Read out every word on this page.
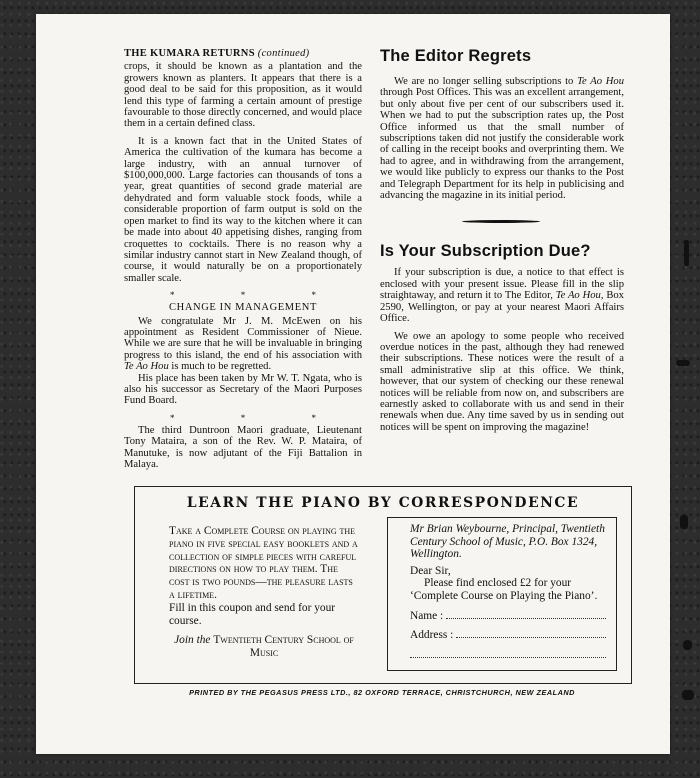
THE KUMARA RETURNS (continued)

crops, it should be known as a plantation and the growers known as planters. It appears that there is a good deal to be said for this proposition, as it would lend this type of farming a certain amount of prestige favourable to those directly concerned, and would place them in a certain defined class.

It is a known fact that in the United States of America the cultivation of the kumara has become a large industry, with an annual turnover of $100,000,000. Large factories can thousands of tons a year, great quantities of second grade material are dehydrated and form valuable stock foods, while a considerable proportion of farm output is sold on the open market to find its way to the kitchen where it can be made into about 40 appetising dishes, ranging from croquettes to cocktails. There is no reason why a similar industry cannot start in New Zealand though, of course, it would naturally be on a proportionately smaller scale.

* * *
CHANGE IN MANAGEMENT

We congratulate Mr J. M. McEwen on his appointment as Resident Commissioner of Nieue. While we are sure that he will be invaluable in bringing progress to this island, the end of his association with Te Ao Hou is much to be regretted.

His place has been taken by Mr W. T. Ngata, who is also his successor as Secretary of the Maori Purposes Fund Board.

* * *

The third Duntroon Maori graduate, Lieutenant Tony Mataira, a son of the Rev. W. P. Mataira, of Manutuke, is now adjutant of the Fiji Battalion in Malaya.

The Editor Regrets

We are no longer selling subscriptions to Te Ao Hou through Post Offices. This was an excellent arrangement, but only about five per cent of our subscribers used it. When we had to put the subscription rates up, the Post Office informed us that the small number of subscriptions taken did not justify the considerable work of calling in the receipt books and overprinting them. We had to agree, and in withdrawing from the arrangement, we would like publicly to express our thanks to the Post and Telegraph Department for its help in publicising and advancing the magazine in its initial period.

Is Your Subscription Due?

If your subscription is due, a notice to that effect is enclosed with your present issue. Please fill in the slip straightaway, and return it to The Editor, Te Ao Hou, Box 2590, Wellington, or pay at your nearest Maori Affairs Office.

We owe an apology to some people who received overdue notices in the past, although they had renewed their subscriptions. These notices were the result of a small administrative slip at this office. We think, however, that our system of checking our these renewal notices will be reliable from now on, and subscribers are earnestly asked to collaborate with us and send in their renewals when due. Any time saved by us in sending out notices will be spent on improving the magazine!

LEARN THE PIANO BY CORRESPONDENCE

Take a Complete Course on playing the piano in five special easy booklets and a collection of simple pieces with careful directions on how to play them. The cost is two pounds—the pleasure lasts a lifetime.

Fill in this coupon and send for your course.

Join the Twentieth Century School of Music

Mr Brian Weybourne, Principal, Twentieth Century School of Music, P.O. Box 1324, Wellington.

Dear Sir,

Please find enclosed £2 for your ‘Complete Course on Playing the Piano’.

Name :
Address :
PRINTED BY THE PEGASUS PRESS LTD., 82 OXFORD TERRACE, CHRISTCHURCH, NEW ZEALAND
